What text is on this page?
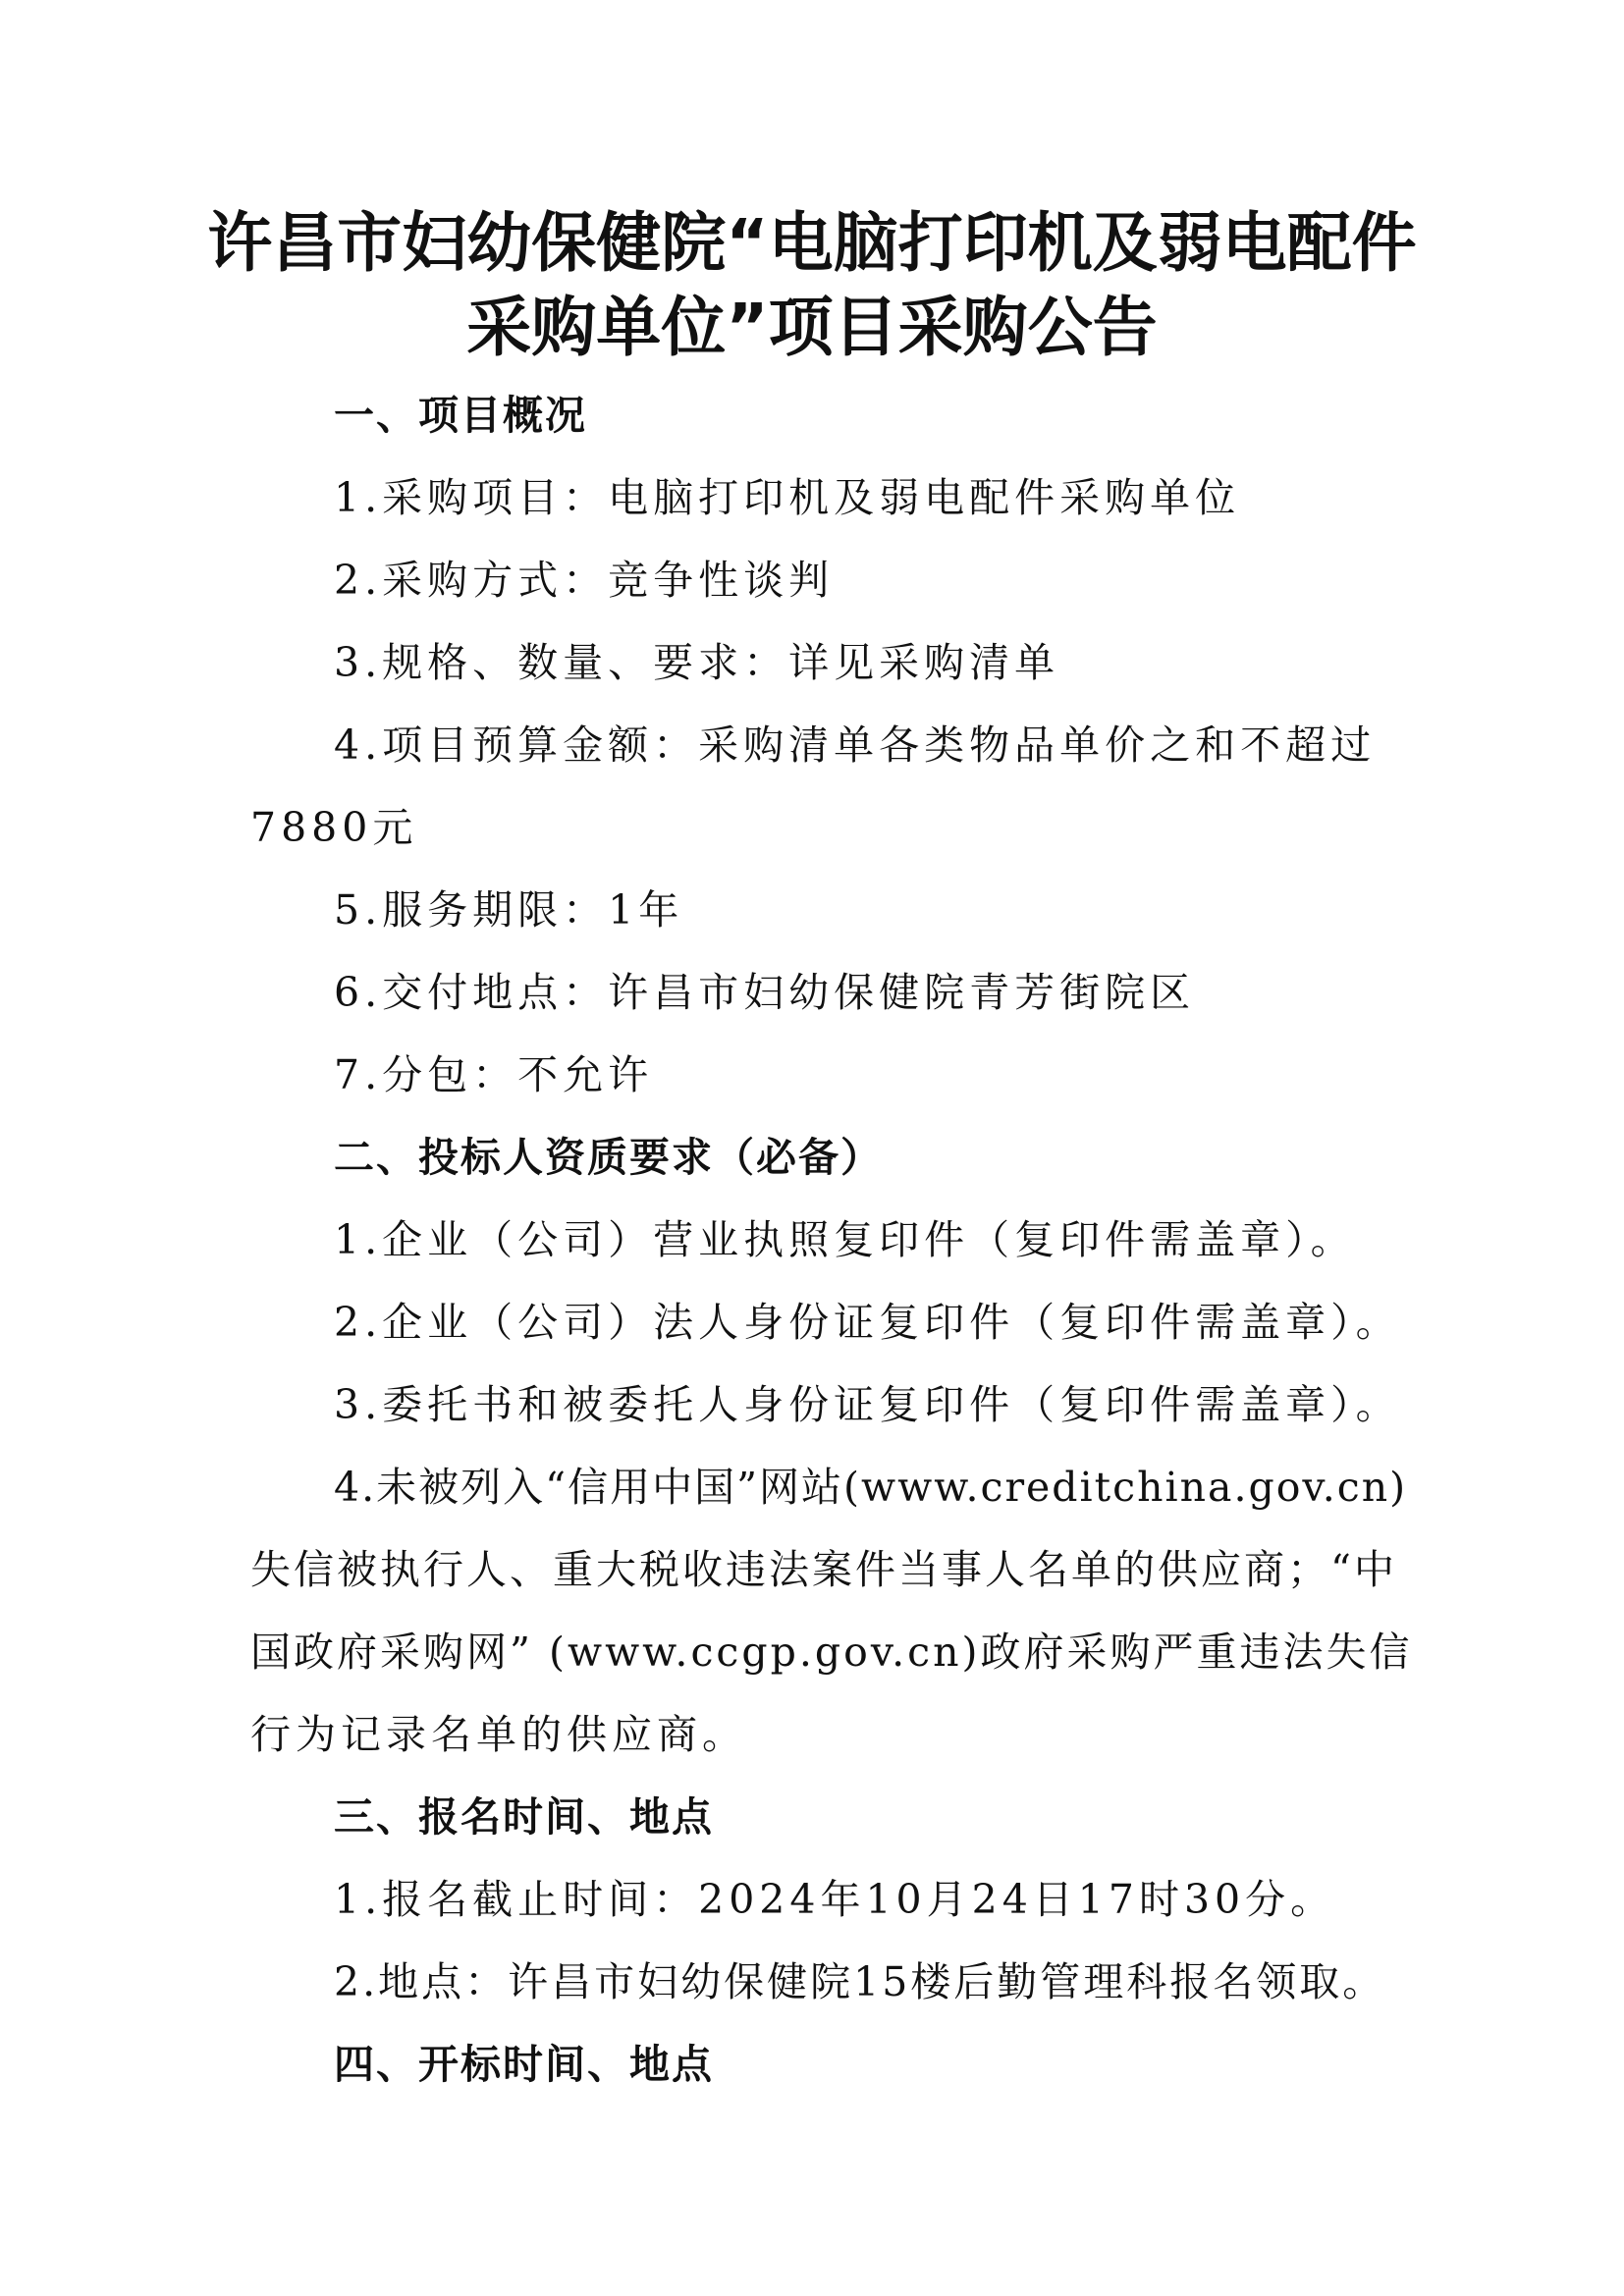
许昌市妇幼保健院“电脑打印机及弱电配件
采购单位”项目采购公告
一、项目概况
1.采购项目：电脑打印机及弱电配件采购单位
2.采购方式：竞争性谈判
3.规格、数量、要求：详见采购清单
4.项目预算金额：采购清单各类物品单价之和不超过
7880元
5.服务期限：1年
6.交付地点：许昌市妇幼保健院青芳街院区
7.分包：不允许
二、投标人资质要求（必备）
1.企业（公司）营业执照复印件（复印件需盖章）。
2.企业（公司）法人身份证复印件（复印件需盖章）。
3.委托书和被委托人身份证复印件（复印件需盖章）。
4.未被列入“信用中国”网站(www.creditchina.gov.cn)
失信被执行人、重大税收违法案件当事人名单的供应商；“中
国政府采购网” (www.ccgp.gov.cn)政府采购严重违法失信
行为记录名单的供应商。
三、报名时间、地点
1.报名截止时间：2024年10月24日17时30分。
2.地点：许昌市妇幼保健院15楼后勤管理科报名领取。
四、开标时间、地点
